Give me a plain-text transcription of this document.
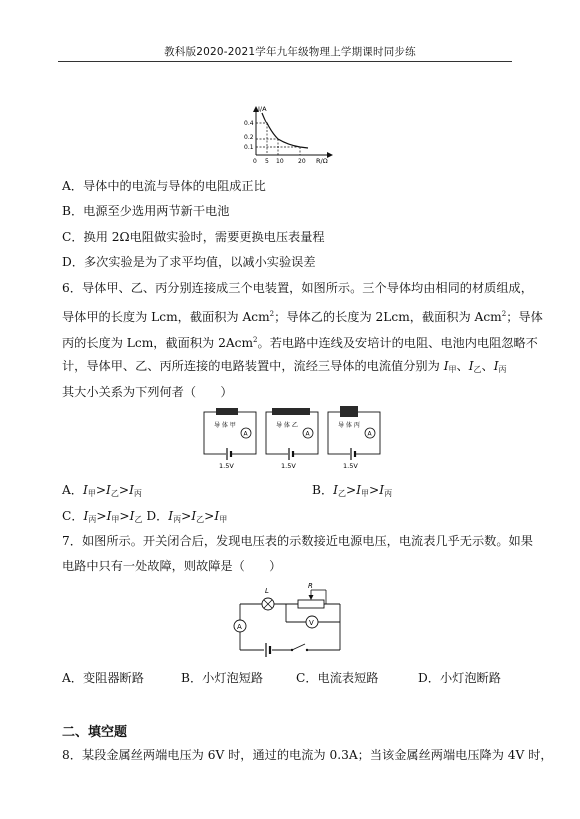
教科版2020-2021学年九年级物理上学期课时同步练
I/A
R/Ω
0.4
0.2
0.1
0 5 10 20
A．导体中的电流与导体的电阻成正比
B．电源至少选用两节新干电池
C．换用 2Ω电阻做实验时，需要更换电压表量程
D．多次实验是为了求平均值，以减小实验误差
6．导体甲、乙、丙分别连接成三个电装置，如图所示。三个导体均由相同的材质组成，
导体甲的长度为 Lcm，截面积为 Acm$^2$；导体乙的长度为 2Lcm，截面积为 Acm$^2$；导体
丙的长度为 Lcm，截面积为 2Acm$^2$。若电路中连线及安培计的电阻、电池内电阻忽略不
计，导体甲、乙、丙所连接的电路装置中，流经三导体的电流值分别为 $I_甲$、$I_乙$、$I_丙$
其大小关系为下列何者（　　）
导 体 甲
A
1.5V
导 体 乙
A
1.5V
导 体 丙
A
1.5V
A．$I_甲>I_乙>I_丙$	B．$I_乙>I_甲>I_丙$
C．$I_丙>I_甲>I_乙$ D．$I_丙>I_乙>I_甲$
7．如图所示。开关闭合后，发现电压表的示数接近电源电压，电流表几乎无示数。如果
电路中只有一处故障，则故障是（　　）
L
R
V
A
A．变阻器断路	B．小灯泡短路	C．电流表短路	D．小灯泡断路
二、填空题
8．某段金属丝两端电压为 6V 时，通过的电流为 0.3A；当该金属丝两端电压降为 4V 时，
